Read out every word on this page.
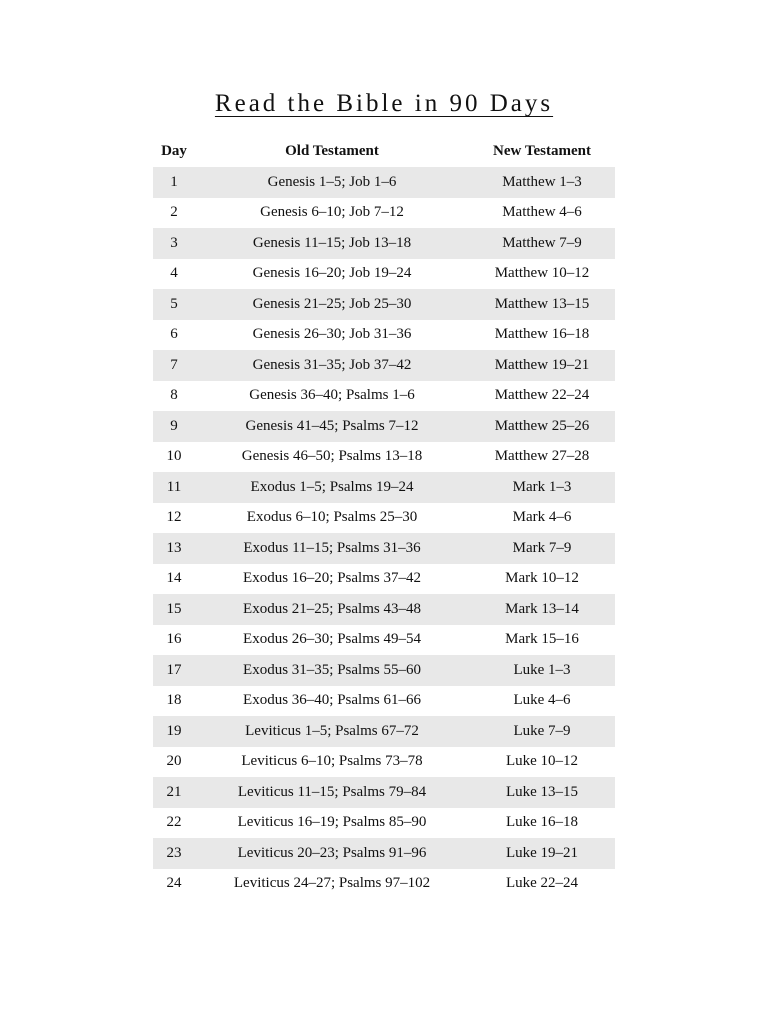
Read the Bible in 90 Days
Day	Old Testament	New Testament
1	Genesis 1–5; Job 1–6	Matthew 1–3
2	Genesis 6–10; Job 7–12	Matthew 4–6
3	Genesis 11–15; Job 13–18	Matthew 7–9
4	Genesis 16–20; Job 19–24	Matthew 10–12
5	Genesis 21–25; Job 25–30	Matthew 13–15
6	Genesis 26–30; Job 31–36	Matthew 16–18
7	Genesis 31–35; Job 37–42	Matthew 19–21
8	Genesis 36–40; Psalms 1–6	Matthew 22–24
9	Genesis 41–45; Psalms 7–12	Matthew 25–26
10	Genesis 46–50; Psalms 13–18	Matthew 27–28
11	Exodus 1–5; Psalms 19–24	Mark 1–3
12	Exodus 6–10; Psalms 25–30	Mark 4–6
13	Exodus 11–15; Psalms 31–36	Mark 7–9
14	Exodus 16–20; Psalms 37–42	Mark 10–12
15	Exodus 21–25; Psalms 43–48	Mark 13–14
16	Exodus 26–30; Psalms 49–54	Mark 15–16
17	Exodus 31–35; Psalms 55–60	Luke 1–3
18	Exodus 36–40; Psalms 61–66	Luke 4–6
19	Leviticus 1–5; Psalms 67–72	Luke 7–9
20	Leviticus 6–10; Psalms 73–78	Luke 10–12
21	Leviticus 11–15; Psalms 79–84	Luke 13–15
22	Leviticus 16–19; Psalms 85–90	Luke 16–18
23	Leviticus 20–23; Psalms 91–96	Luke 19–21
24	Leviticus 24–27; Psalms 97–102	Luke 22–24
